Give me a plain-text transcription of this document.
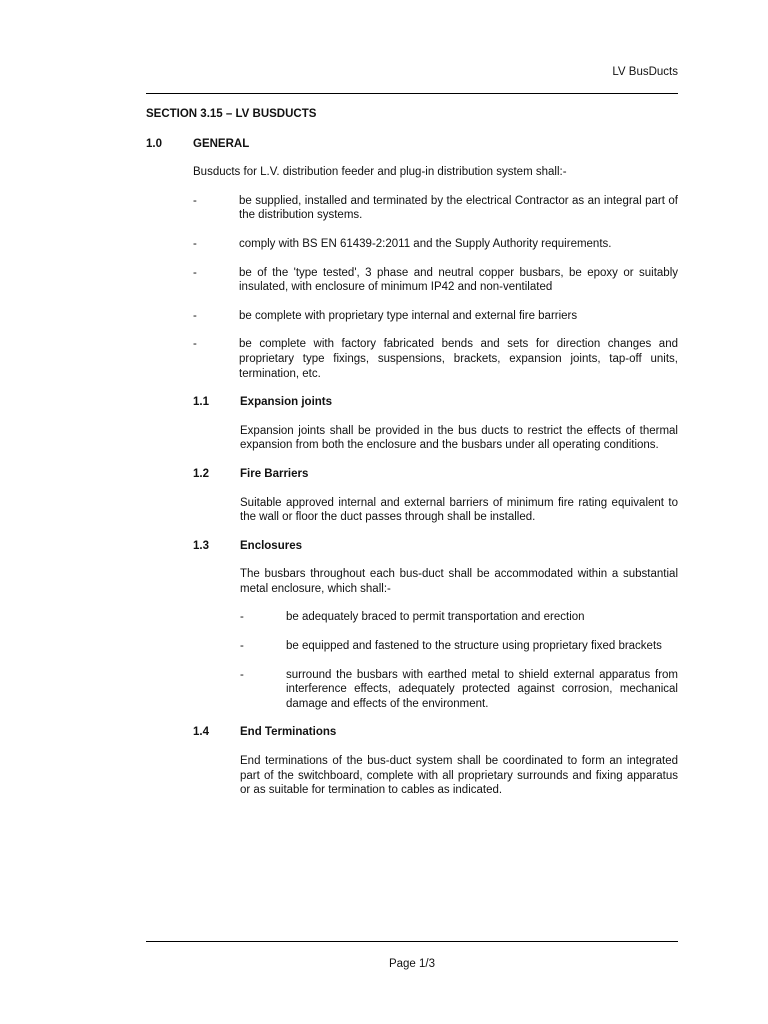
LV BusDucts
SECTION 3.15 – LV BUSDUCTS
1.0	GENERAL

Busducts for L.V. distribution feeder and plug-in distribution system shall:-

-	be supplied, installed and terminated by the electrical Contractor as an integral part of the distribution systems.
-	comply with BS EN 61439-2:2011 and the Supply Authority requirements.
-	be of the 'type tested', 3 phase and neutral copper busbars, be epoxy or suitably insulated, with enclosure of minimum IP42 and non-ventilated
-	be complete with proprietary type internal and external fire barriers
-	be complete with factory fabricated bends and sets for direction changes and proprietary type fixings, suspensions, brackets, expansion joints, tap-off units, termination, etc.
1.1	Expansion joints

Expansion joints shall be provided in the bus ducts to restrict the effects of thermal expansion from both the enclosure and the busbars under all operating conditions.

1.2	Fire Barriers

Suitable approved internal and external barriers of minimum fire rating equivalent to the wall or floor the duct passes through shall be installed.

1.3	Enclosures

The busbars throughout each bus-duct shall be accommodated within a substantial metal enclosure, which shall:-

-	be adequately braced to permit transportation and erection
-	be equipped and fastened to the structure using proprietary fixed brackets
-	surround the busbars with earthed metal to shield external apparatus from interference effects, adequately protected against corrosion, mechanical damage and effects of the environment.
1.4	End Terminations

End terminations of the bus-duct system shall be coordinated to form an integrated part of the switchboard, complete with all proprietary surrounds and fixing apparatus or as suitable for termination to cables as indicated.

Page 1/3
